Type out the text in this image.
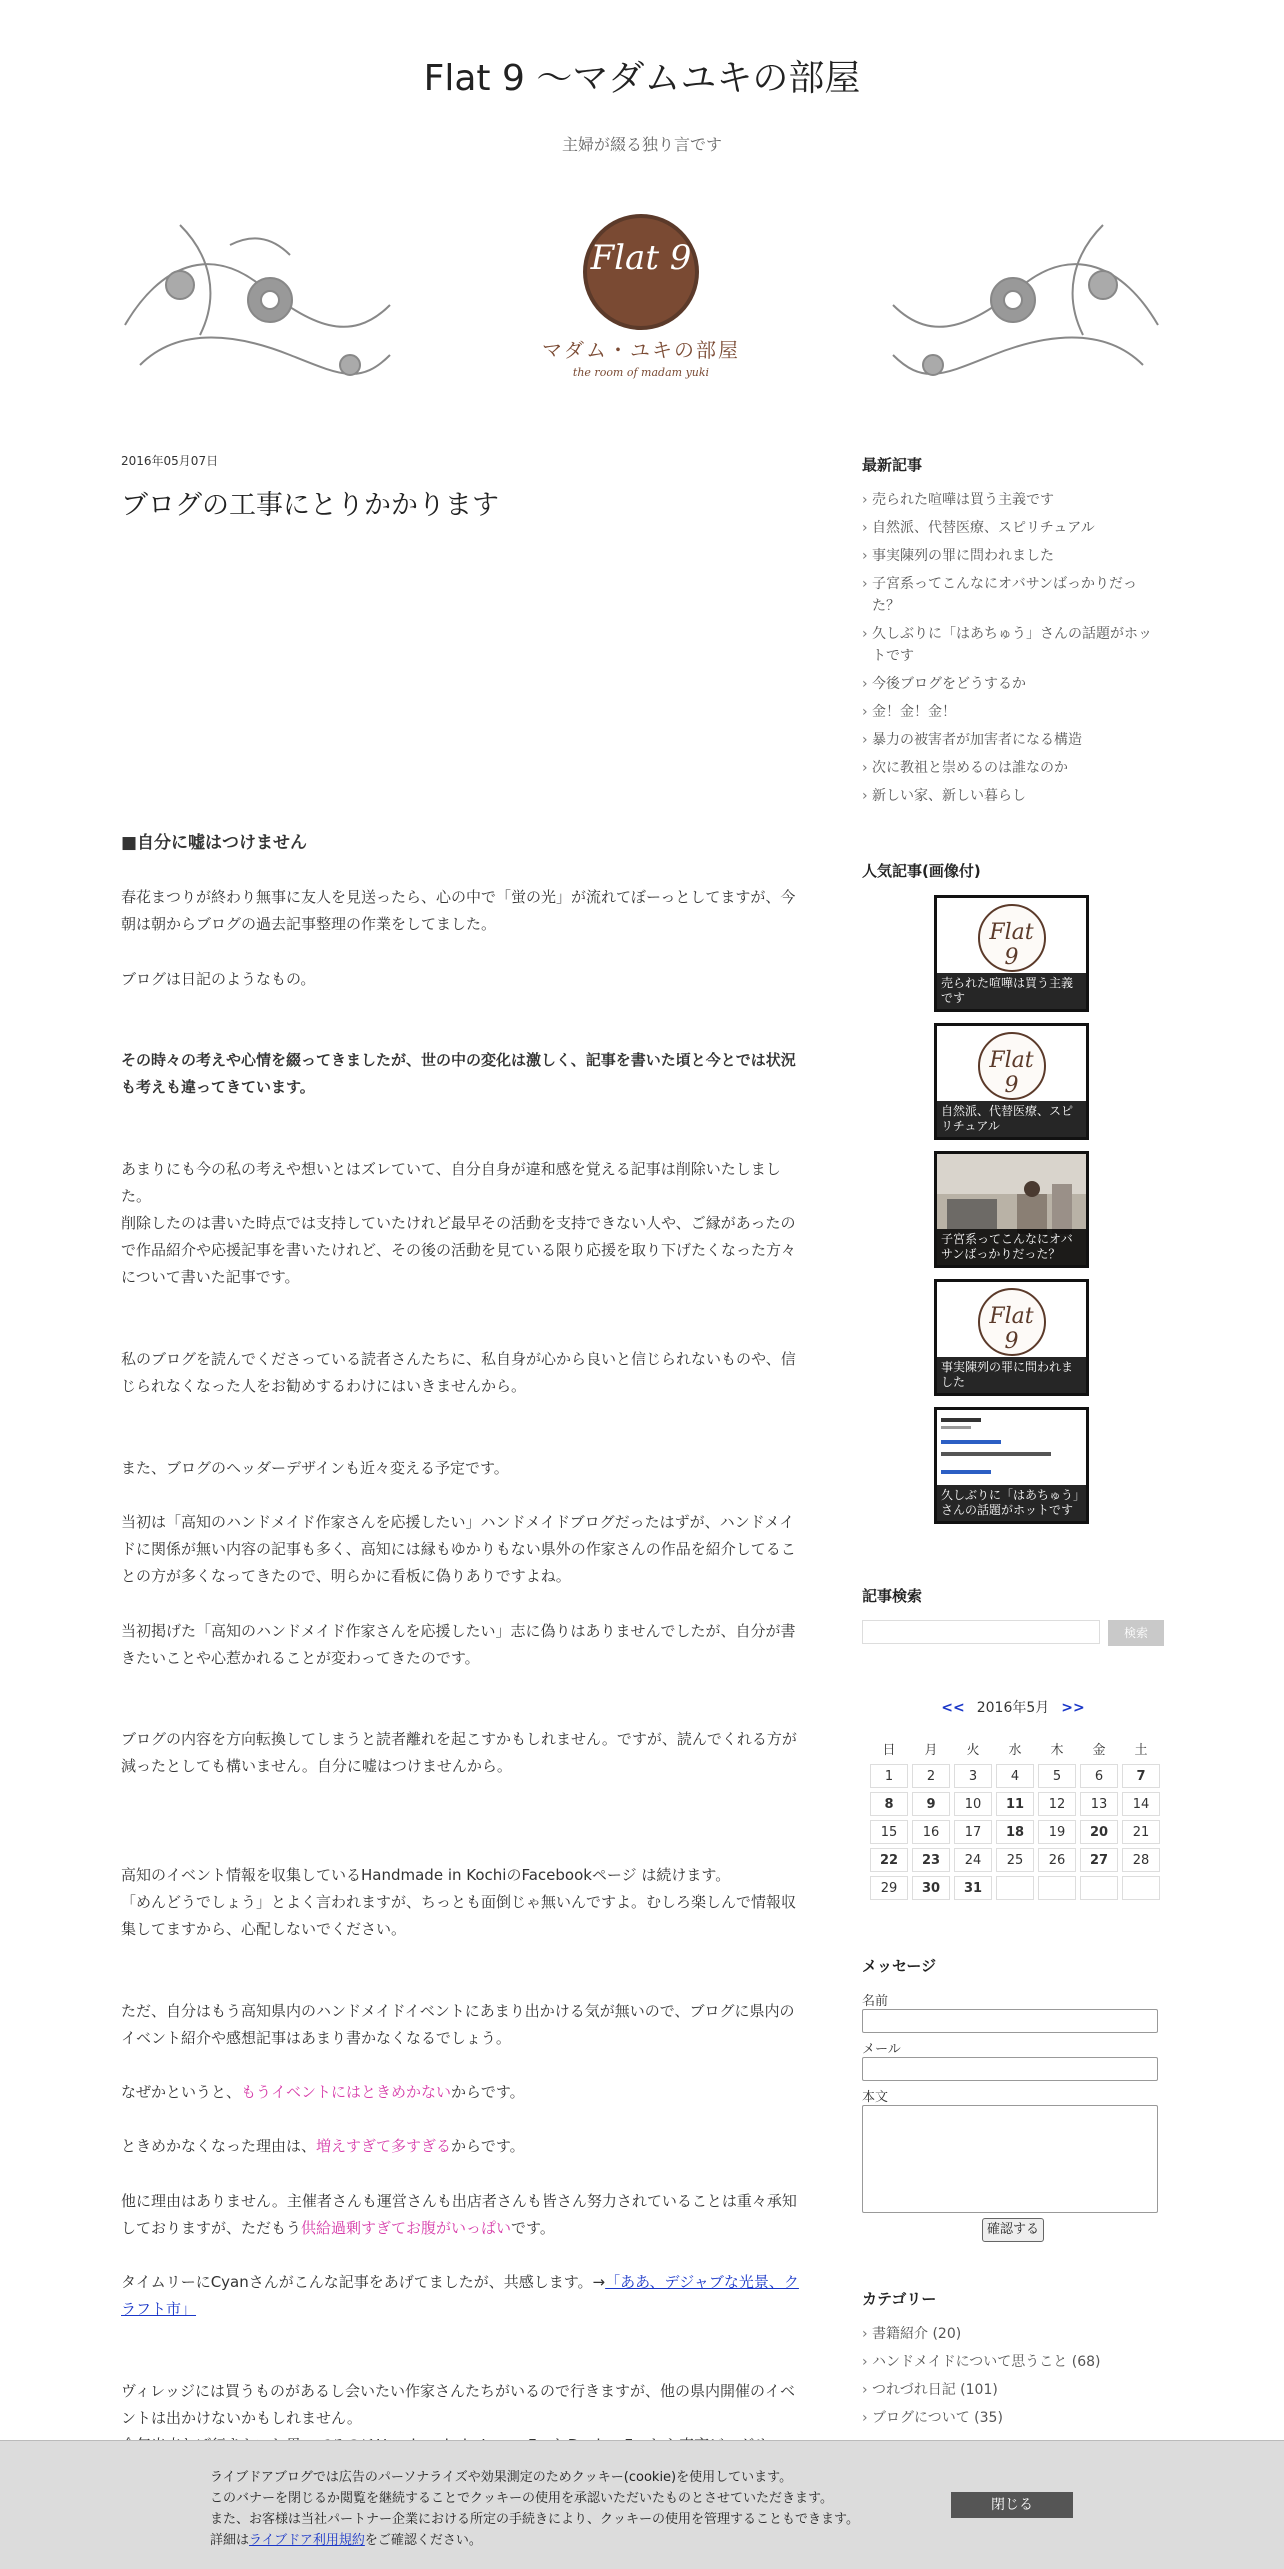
Flat 9 〜マダムユキの部屋
主婦が綴る独り言です
Flat 9
マダム・ユキの部屋
the room of madam yuki
2016年05月07日
ブログの工事にとりかかります
■自分に嘘はつけません
春花まつりが終わり無事に友人を見送ったら、心の中で「蛍の光」が流れてぼーっとしてますが、今朝は朝からブログの過去記事整理の作業をしてました。
ブログは日記のようなもの。
その時々の考えや心情を綴ってきましたが、世の中の変化は激しく、記事を書いた頃と今とでは状況も考えも違ってきています。
あまりにも今の私の考えや想いとはズレていて、自分自身が違和感を覚える記事は削除いたしました。
削除したのは書いた時点では支持していたけれど最早その活動を支持できない人や、ご縁があったので作品紹介や応援記事を書いたけれど、その後の活動を見ている限り応援を取り下げたくなった方々について書いた記事です。
私のブログを読んでくださっている読者さんたちに、私自身が心から良いと信じられないものや、信じられなくなった人をお勧めするわけにはいきませんから。
また、ブログのヘッダーデザインも近々変える予定です。
当初は「高知のハンドメイド作家さんを応援したい」ハンドメイドブログだったはずが、ハンドメイドに関係が無い内容の記事も多く、高知には縁もゆかりもない県外の作家さんの作品を紹介してることの方が多くなってきたので、明らかに看板に偽りありですよね。
当初掲げた「高知のハンドメイド作家さんを応援したい」志に偽りはありませんでしたが、自分が書きたいことや心惹かれることが変わってきたのです。
ブログの内容を方向転換してしまうと読者離れを起こすかもしれません。ですが、読んでくれる方が減ったとしても構いません。自分に嘘はつけませんから。
高知のイベント情報を収集しているHandmade in KochiのFacebookページ は続けます。
「めんどうでしょう」とよく言われますが、ちっとも面倒じゃ無いんですよ。むしろ楽しんで情報収集してますから、心配しないでください。
ただ、自分はもう高知県内のハンドメイドイベントにあまり出かける気が無いので、ブログに県内のイベント紹介や感想記事はあまり書かなくなるでしょう。
なぜかというと、もうイベントにはときめかないからです。
ときめかなくなった理由は、増えすぎて多すぎるからです。
他に理由はありません。主催者さんも運営さんも出店者さんも皆さん努力されていることは重々承知しておりますが、ただもう供給過剰すぎてお腹がいっぱいです。
タイムリーにCyanさんがこんな記事をあげてましたが、共感します。→「ああ、デジャブな光景、クラフト市」
ヴィレッジには買うものがあるし会いたい作家さんたちがいるので行きますが、他の県内開催のイベントは出かけないかもしれません。
最新記事
› 売られた喧嘩は買う主義です
› 自然派、代替医療、スピリチュアル
› 事実陳列の罪に問われました
› 子宮系ってこんなにオバサンばっかりだった？
› 久しぶりに「はあちゅう」さんの話題がホットです
› 今後ブログをどうするか
› 金！金！金！
› 暴力の被害者が加害者になる構造
› 次に教祖と崇めるのは誰なのか
› 新しい家、新しい暮らし
人気記事(画像付)
Flat 9
売られた喧嘩は買う主義です
Flat 9
自然派、代替医療、スピリチュアル
子宮系ってこんなにオバサンばっかりだった？
Flat 9
事実陳列の罪に問われました
久しぶりに「はあちゅう」さんの話題がホットです
記事検索
検索
<< 2016年5月 >>
日	月	火	水	木	金	土
1	2	3	4	5	6	7
8	9	10	11	12	13	14
15	16	17	18	19	20	21
22	23	24	25	26	27	28
29	30	31				
メッセージ
名前
メール
本文
確認する
カテゴリー
› 書籍紹介 (20)
› ハンドメイドについて思うこと (68)
› つれづれ日記 (101)
› ブログについて (35)
ライブドアブログでは広告のパーソナライズや効果測定のためクッキー(cookie)を使用しています。
このバナーを閉じるか閲覧を継続することでクッキーの使用を承認いただいたものとさせていただきます。
また、お客様は当社パートナー企業における所定の手続きにより、クッキーの使用を管理することもできます。
詳細はライブドア利用規約をご確認ください。
閉じる
